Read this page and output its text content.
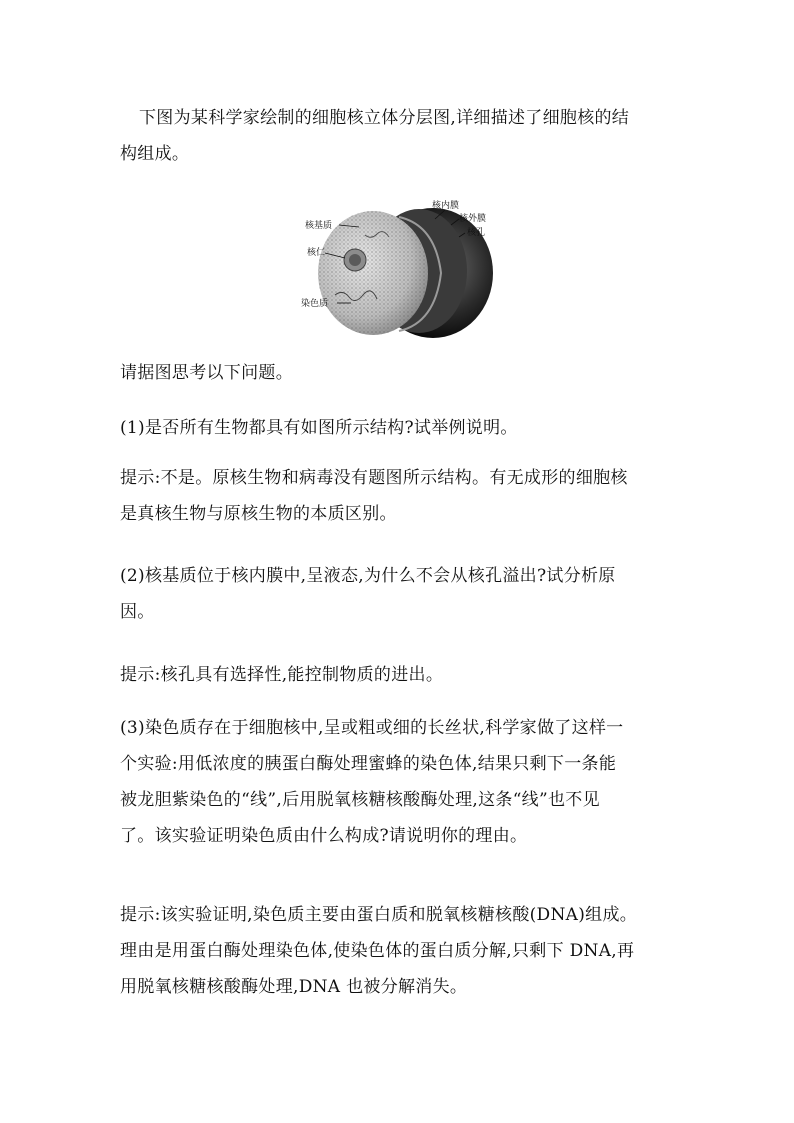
下图为某科学家绘制的细胞核立体分层图,详细描述了细胞核的结
构组成。

核基质
核仁
染色质
核内膜
核外膜
核孔

请据图思考以下问题。

(1)是否所有生物都具有如图所示结构?试举例说明。

提示:不是。原核生物和病毒没有题图所示结构。有无成形的细胞核
是真核生物与原核生物的本质区别。

(2)核基质位于核内膜中,呈液态,为什么不会从核孔溢出?试分析原
因。

提示:核孔具有选择性,能控制物质的进出。

(3)染色质存在于细胞核中,呈或粗或细的长丝状,科学家做了这样一
个实验:用低浓度的胰蛋白酶处理蜜蜂的染色体,结果只剩下一条能
被龙胆紫染色的“线”,后用脱氧核糖核酸酶处理,这条“线”也不见
了。该实验证明染色质由什么构成?请说明你的理由。

提示:该实验证明,染色质主要由蛋白质和脱氧核糖核酸(DNA)组成。
理由是用蛋白酶处理染色体,使染色体的蛋白质分解,只剩下 DNA,再
用脱氧核糖核酸酶处理,DNA 也被分解消失。
